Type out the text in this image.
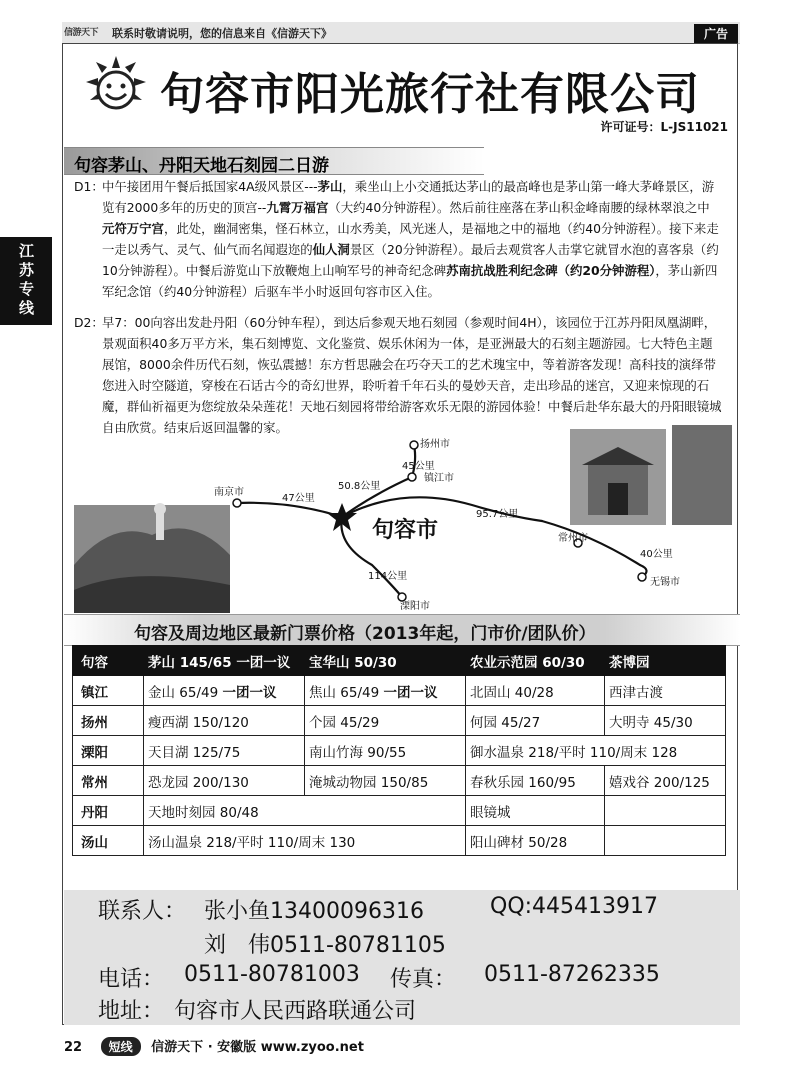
信游天下 联系时敬请说明，您的信息来自《信游天下》	广告
句容市阳光旅行社有限公司
许可证号：L-JS11021
江苏专线
句容茅山、丹阳天地石刻园二日游
D1：
中午接团用午餐后抵国家4A级风景区---茅山，乘坐山上小交通抵达茅山的最高峰也是茅山第一峰大茅峰景区，游览有2000多年的历史的顶宫--九霄万福宫（大约40分钟游程）。然后前往座落在茅山积金峰南腰的绿林翠浪之中元符万宁宫，此处，幽洞密集，怪石林立，山水秀美，风光迷人，是福地之中的福地（约40分钟游程）。接下来走一走以秀气、灵气、仙气而名闻遐迩的仙人洞景区（20分钟游程）。最后去观赏客人击掌它就冒水泡的喜客泉（约10分钟游程）。中餐后游览山下放鞭炮上山响军号的神奇纪念碑苏南抗战胜利纪念碑（约20分钟游程），茅山新四军纪念馆（约40分钟游程）后驱车半小时返回句容市区入住。
D2：
早7：00向容出发赴丹阳（60分钟车程），到达后参观天地石刻园（参观时间4H），该园位于江苏丹阳凤凰湖畔，景观面积40多万平方米，集石刻博览、文化鉴赏、娱乐休闲为一体，是亚洲最大的石刻主题游园。七大特色主题展馆，8000余件历代石刻，恢弘震撼！东方哲思融会在巧夺天工的艺术瑰宝中，等着游客发现！高科技的演绎带您进入时空隧道，穿梭在石话古今的奇幻世界，聆听着千年石头的曼妙天音，走出珍品的迷宫，又迎来惊现的石魔，群仙祈福更为您绽放朵朵莲花！天地石刻园将带给游客欢乐无限的游园体验！中餐后赴华东最大的丹阳眼镜城自由欣赏。结束后返回温馨的家。
句容市
扬州市
镇江市
南京市
常州市
无锡市
溧阳市
45公里
50.8公里
47公里
95.7公里
40公里
114公里
句容及周边地区最新门票价格（2013年起，门市价/团队价）
句容	茅山 145/65 一团一议	宝华山 50/30	农业示范园 60/30	茶博园
镇江	金山 65/49 一团一议	焦山 65/49 一团一议	北固山 40/28	西津古渡
扬州	瘦西湖 150/120	个园 45/29	何园 45/27	大明寺 45/30
溧阳	天目湖 125/75	南山竹海 90/55	御水温泉 218/平时 110/周末 128	
常州	恐龙园 200/130	淹城动物园 150/85	春秋乐园 160/95	嬉戏谷 200/125
丹阳	天地时刻园 80/48		眼镜城	
汤山	汤山温泉 218/平时 110/周末 130		阳山碑材 50/28	
联系人： 张小鱼13400096316	QQ:445413917
刘　伟0511-80781105
电话： 0511-80781003 传真： 0511-87262335
地址： 句容市人民西路联通公司
22 短线 信游天下 · 安徽版 www.zyoo.net
